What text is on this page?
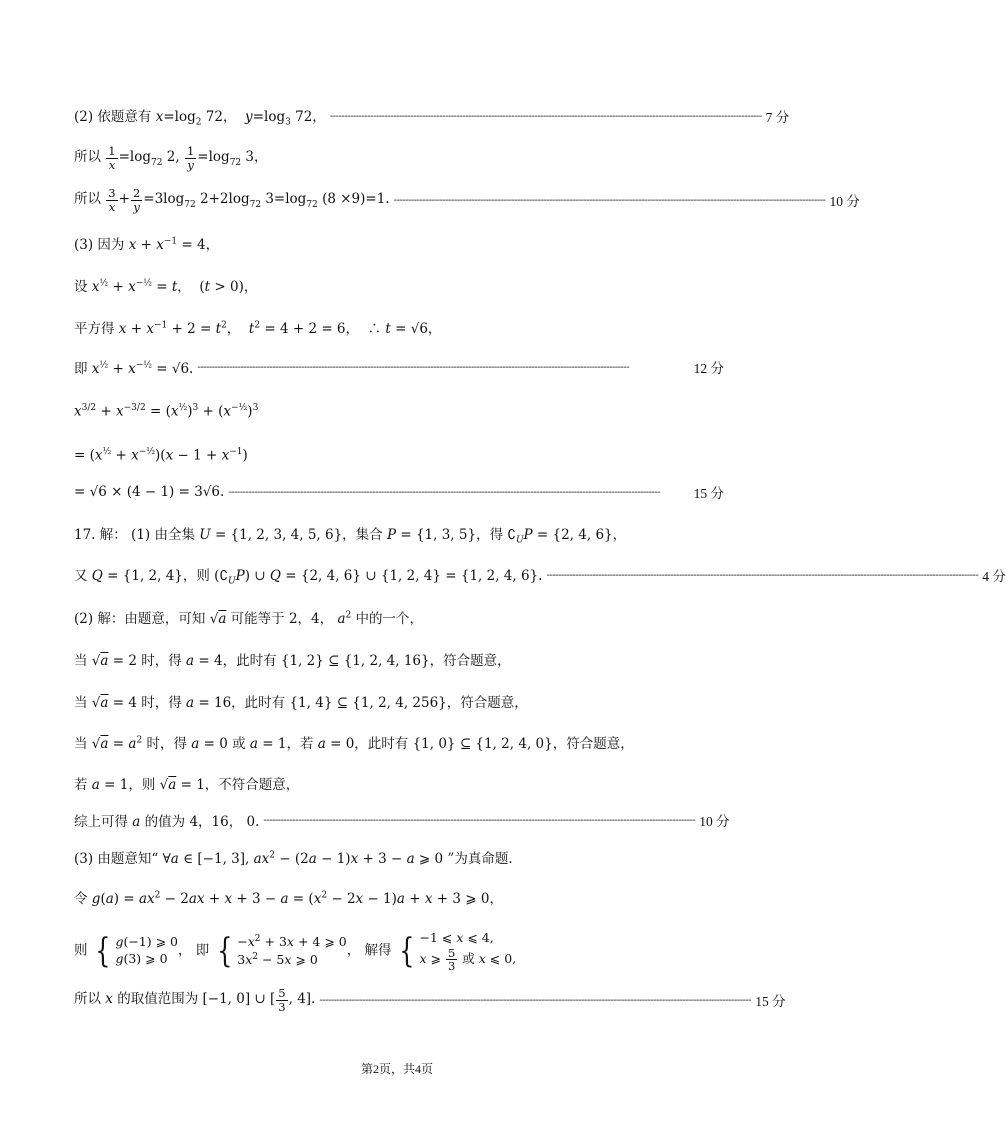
(2) 依题意有 $x=\log_2$ 72，  $y=\log_3$ 72， ------------------------------------------------------------------------------------------------------------------------------------------------------ 7 分
所以 $\frac{1}{x} =\log_{72}$ 2, $\frac{1}{y} =\log_{72}$ 3，
所以 $\frac{3}{x} + \frac{2}{y} =3\log_{72}$ $2+2\log_{72}$ $3=\log_{72}$ (8 ×9)=1. ------------------------------------------------------------------------------------------------------------------------------------------------------ 10 分
(3) 因为 $x + x^{-1} = 4$，
设 $x^{\frac{1}{2}} + x^{-\frac{1}{2}} = t$，  (t > 0)，
平方得 $x + x^{-1} + 2 = t^2$，  $t^2 = 4 + 2 = 6$，  ∴ t = √6，
即 $x^{\frac{1}{2}} + x^{-\frac{1}{2}} = √6$. ------------------------------------------------------------------------------------------------------------------------------------------------------	12 分
$x^{3/2} + x^{-3/2} = (x^{\frac{1}{2}})^3 + (x^{-\frac{1}{2}})^3$
= $(x^{\frac{1}{2}} + x^{-\frac{1}{2}})(x - 1 + x^{-1})$
= √6 × (4 − 1) = 3√6. ------------------------------------------------------------------------------------------------------------------------------------------------------	15 分
17. 解： (1) 由全集 U = {1, 2, 3, 4, 5, 6}，集合 P = {1, 3, 5}，得 $∁_UP = \{2$, 4, 6}，
又 Q = {1, 2, 4}，则 $(∁_UP)$ ∪ Q = {2, 4, 6} ∪ {1, 2, 4} = {1, 2, 4, 6}. ------------------------------------------------------------------------------------------------------------------------------------------------------ 4 分
(2) 解：由题意，可知 √a 可能等于 2，4， $a^2$ 中的一个，
当 √a = 2 时，得 a = 4，此时有 {1, 2} ⊆ {1, 2, 4, 16}，符合题意，
当 √a = 4 时，得 a = 16，此时有 {1, 4} ⊆ {1, 2, 4, 256}，符合题意，
当 $√a = a^2$ 时，得 a = 0 或 a = 1，若 a = 0，此时有 {1, 0} ⊆ {1, 2, 4, 0}，符合题意，
若 a = 1，则 √a = 1，不符合题意，
综上可得 a 的值为 4，16， 0. ------------------------------------------------------------------------------------------------------------------------------------------------------ 10 分
(3) 由题意知“ ∀a ∈ [−1, 3], $ax^2 - (2a - 1)x + 3 - a$ ⩾ 0 ”为真命题.
令 $g(a) = ax^2 - 2ax + x + 3 - a = (x^2 - 2x - 1)a + x + 3$ ⩾ 0，
则 { g(−1) ⩾ 0
g(3) ⩾ 0 ， 即 { $-x^2 + 3x + 4$ ⩾ 0
$3x^2 - 5x$ ⩾ 0
， 解得 { −1 ⩽ x ⩽ 4,
x ⩾ $\frac{5}{3}$ 或 x ⩽ 0,
所以 x 的取值范围为 [−1, 0] ∪ [ $\frac{5}{3}$ , 4]. ------------------------------------------------------------------------------------------------------------------------------------------------------ 15 分
第2页，共4页
